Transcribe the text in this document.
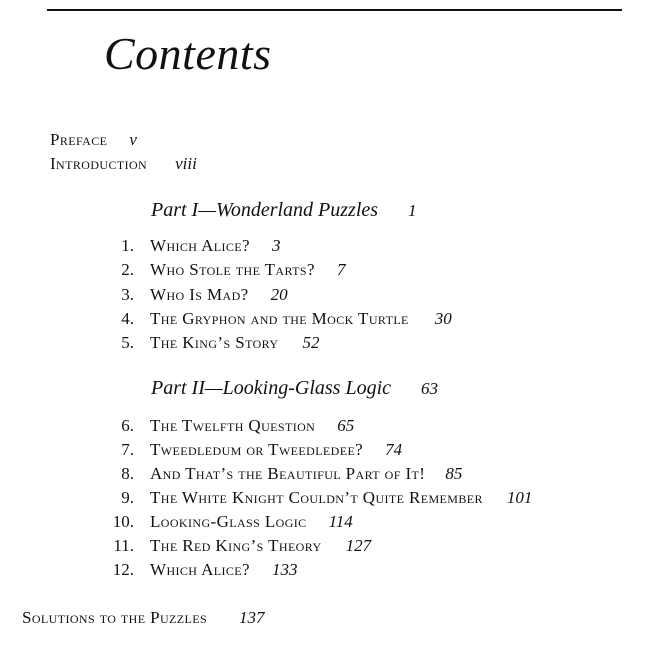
Contents
Preface v
Introduction viii
Part I—Wonderland Puzzles 1
1. Which Alice? 3
2. Who Stole the Tarts? 7
3. Who Is Mad? 20
4. The Gryphon and the Mock Turtle 30
5. The King’s Story 52
Part II—Looking-Glass Logic 63
6. The Twelfth Question 65
7. Tweedledum or Tweedledee? 74
8. And That’s the Beautiful Part of It! 85
9. The White Knight Couldn’t Quite Remember 101
10. Looking-Glass Logic 114
11. The Red King’s Theory 127
12. Which Alice? 133
Solutions to the Puzzles 137
